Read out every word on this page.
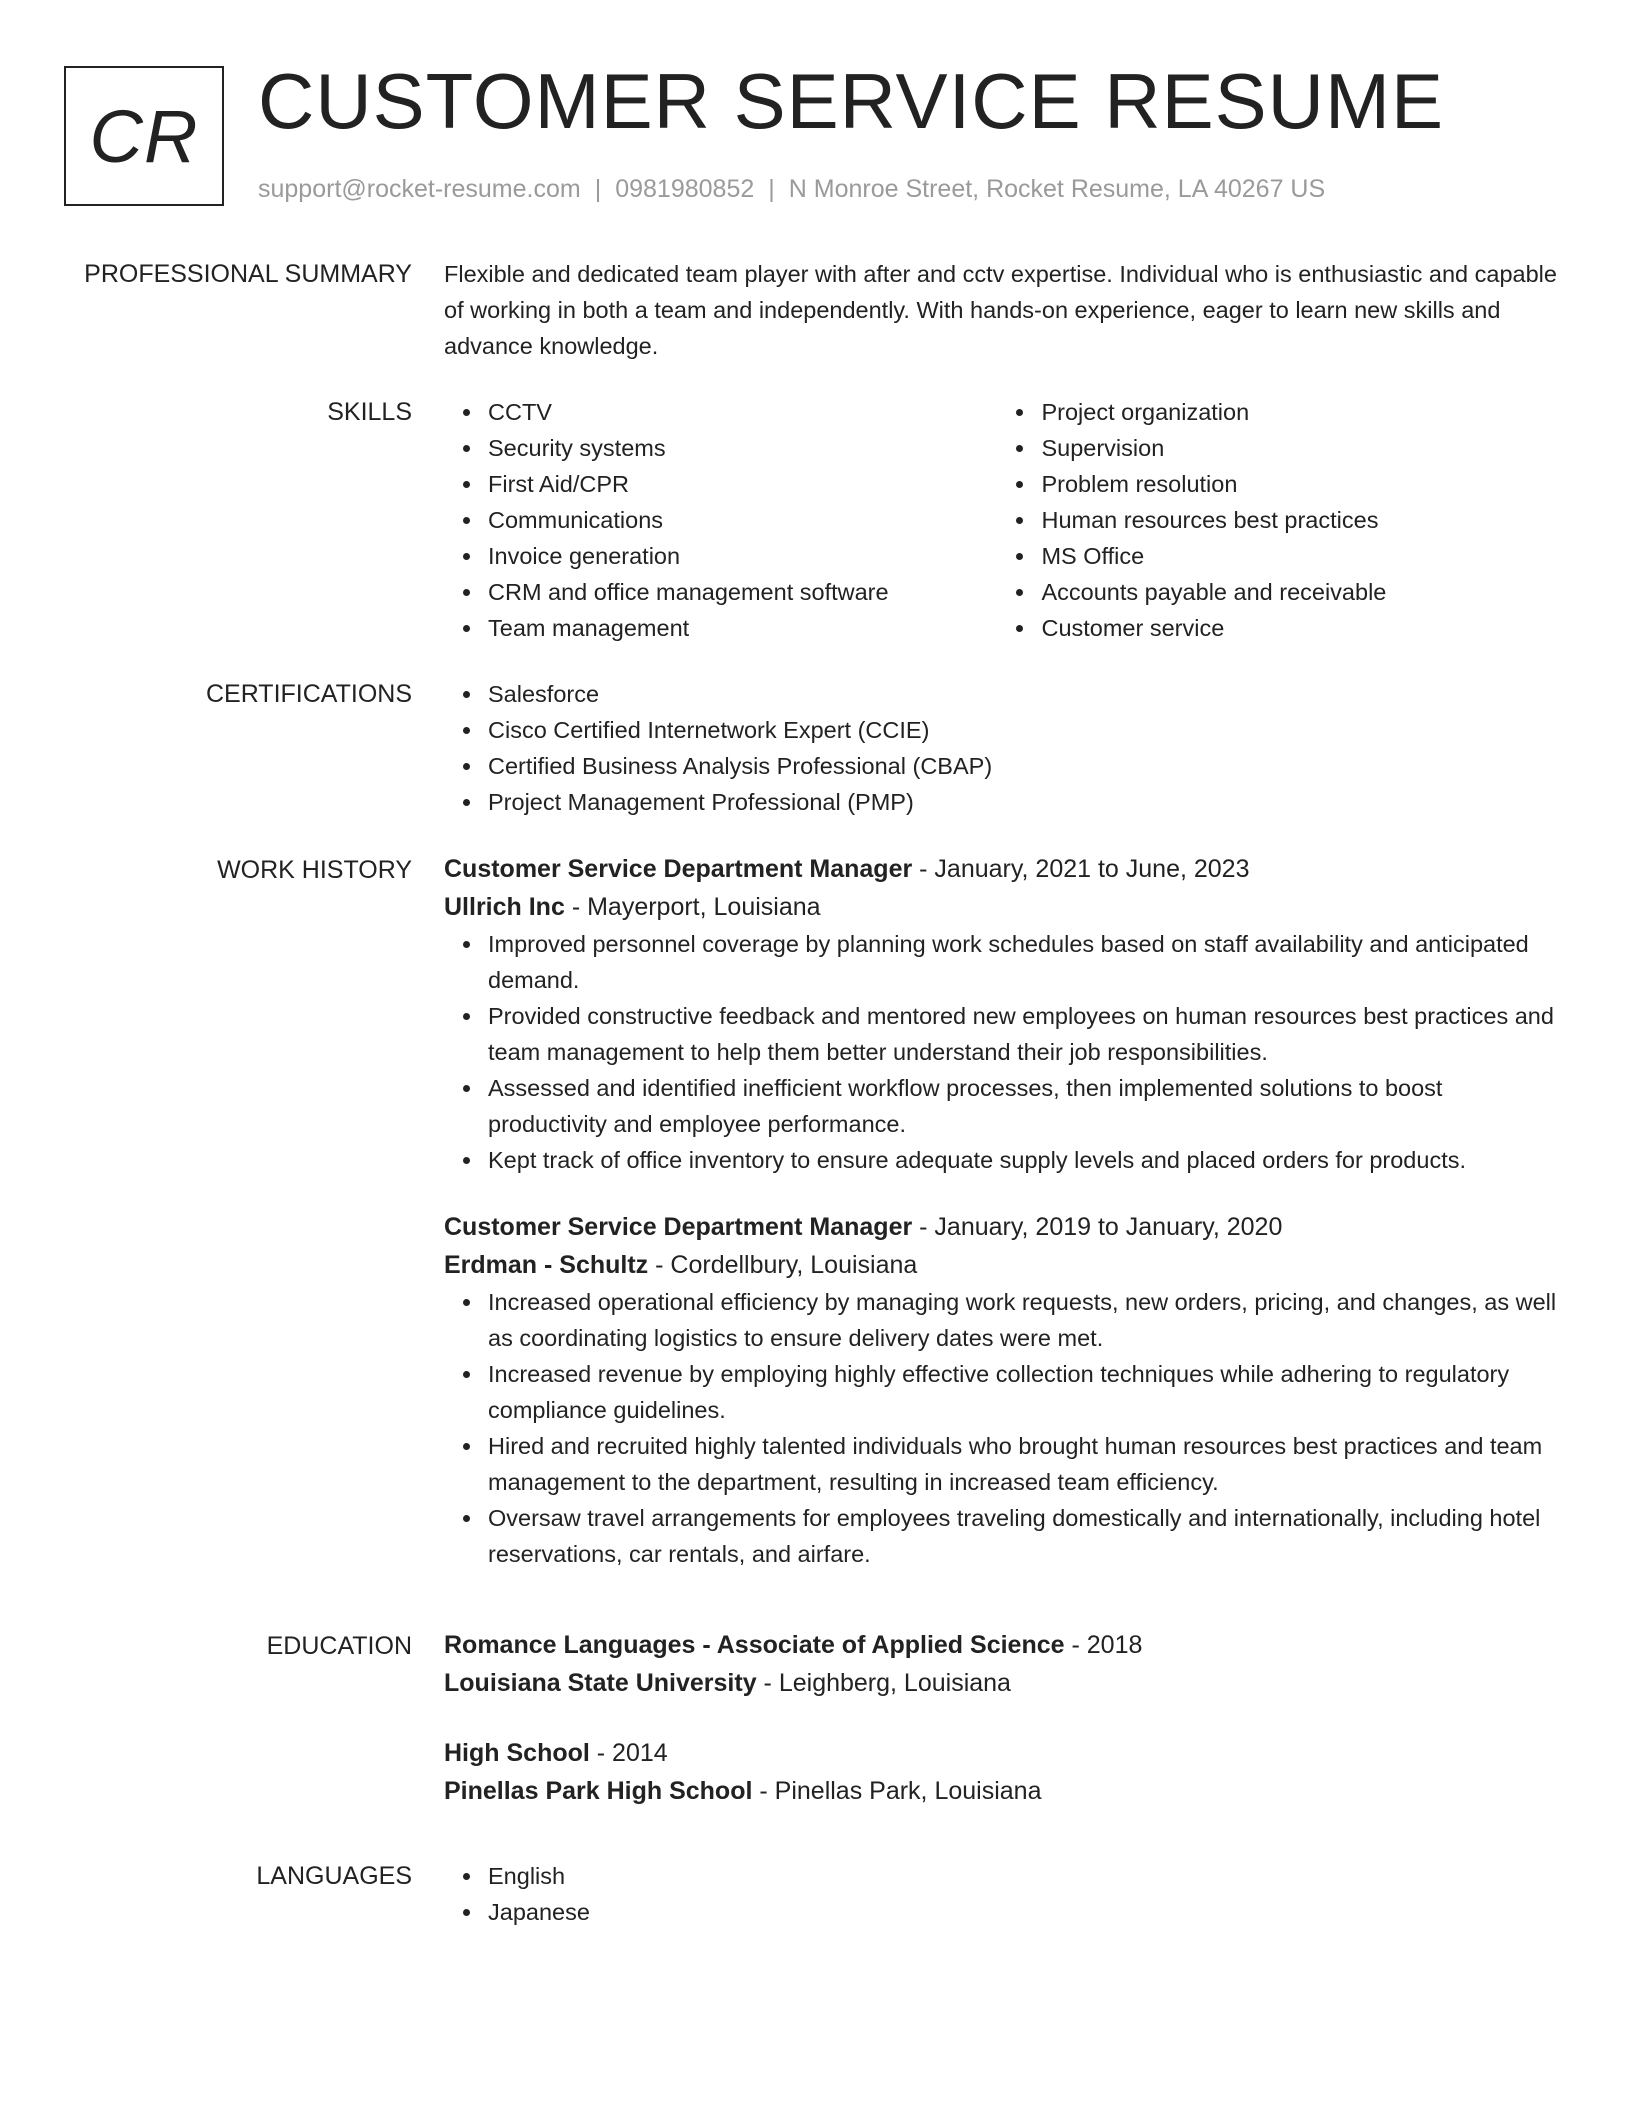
CR CUSTOMER SERVICE RESUME
support@rocket-resume.com | 0981980852 | N Monroe Street, Rocket Resume, LA 40267 US
PROFESSIONAL SUMMARY Flexible and dedicated team player with after and cctv expertise. Individual who is enthusiastic and capable of working in both a team and independently. With hands-on experience, eager to learn new skills and advance knowledge.
SKILLS	CCTV
Security systems
First Aid/CPR
Communications
Invoice generation
CRM and office management software
Team management
Project organization
Supervision
Problem resolution
Human resources best practices
MS Office
Accounts payable and receivable
Customer service
CERTIFICATIONS	Salesforce
Cisco Certified Internetwork Expert (CCIE)
Certified Business Analysis Professional (CBAP)
Project Management Professional (PMP)
WORK HISTORY Customer Service Department Manager - January, 2021 to June, 2023
Ullrich Inc - Mayerport, Louisiana
Improved personnel coverage by planning work schedules based on staff availability and anticipated demand.
Provided constructive feedback and mentored new employees on human resources best practices and team management to help them better understand their job responsibilities.
Assessed and identified inefficient workflow processes, then implemented solutions to boost productivity and employee performance.
Kept track of office inventory to ensure adequate supply levels and placed orders for products.
Customer Service Department Manager - January, 2019 to January, 2020
Erdman - Schultz - Cordellbury, Louisiana
Increased operational efficiency by managing work requests, new orders, pricing, and changes, as well as coordinating logistics to ensure delivery dates were met.
Increased revenue by employing highly effective collection techniques while adhering to regulatory compliance guidelines.
Hired and recruited highly talented individuals who brought human resources best practices and team management to the department, resulting in increased team efficiency.
Oversaw travel arrangements for employees traveling domestically and internationally, including hotel reservations, car rentals, and airfare.
EDUCATION Romance Languages - Associate of Applied Science - 2018
Louisiana State University - Leighberg, Louisiana
High School - 2014
Pinellas Park High School - Pinellas Park, Louisiana
LANGUAGES	English
Japanese
